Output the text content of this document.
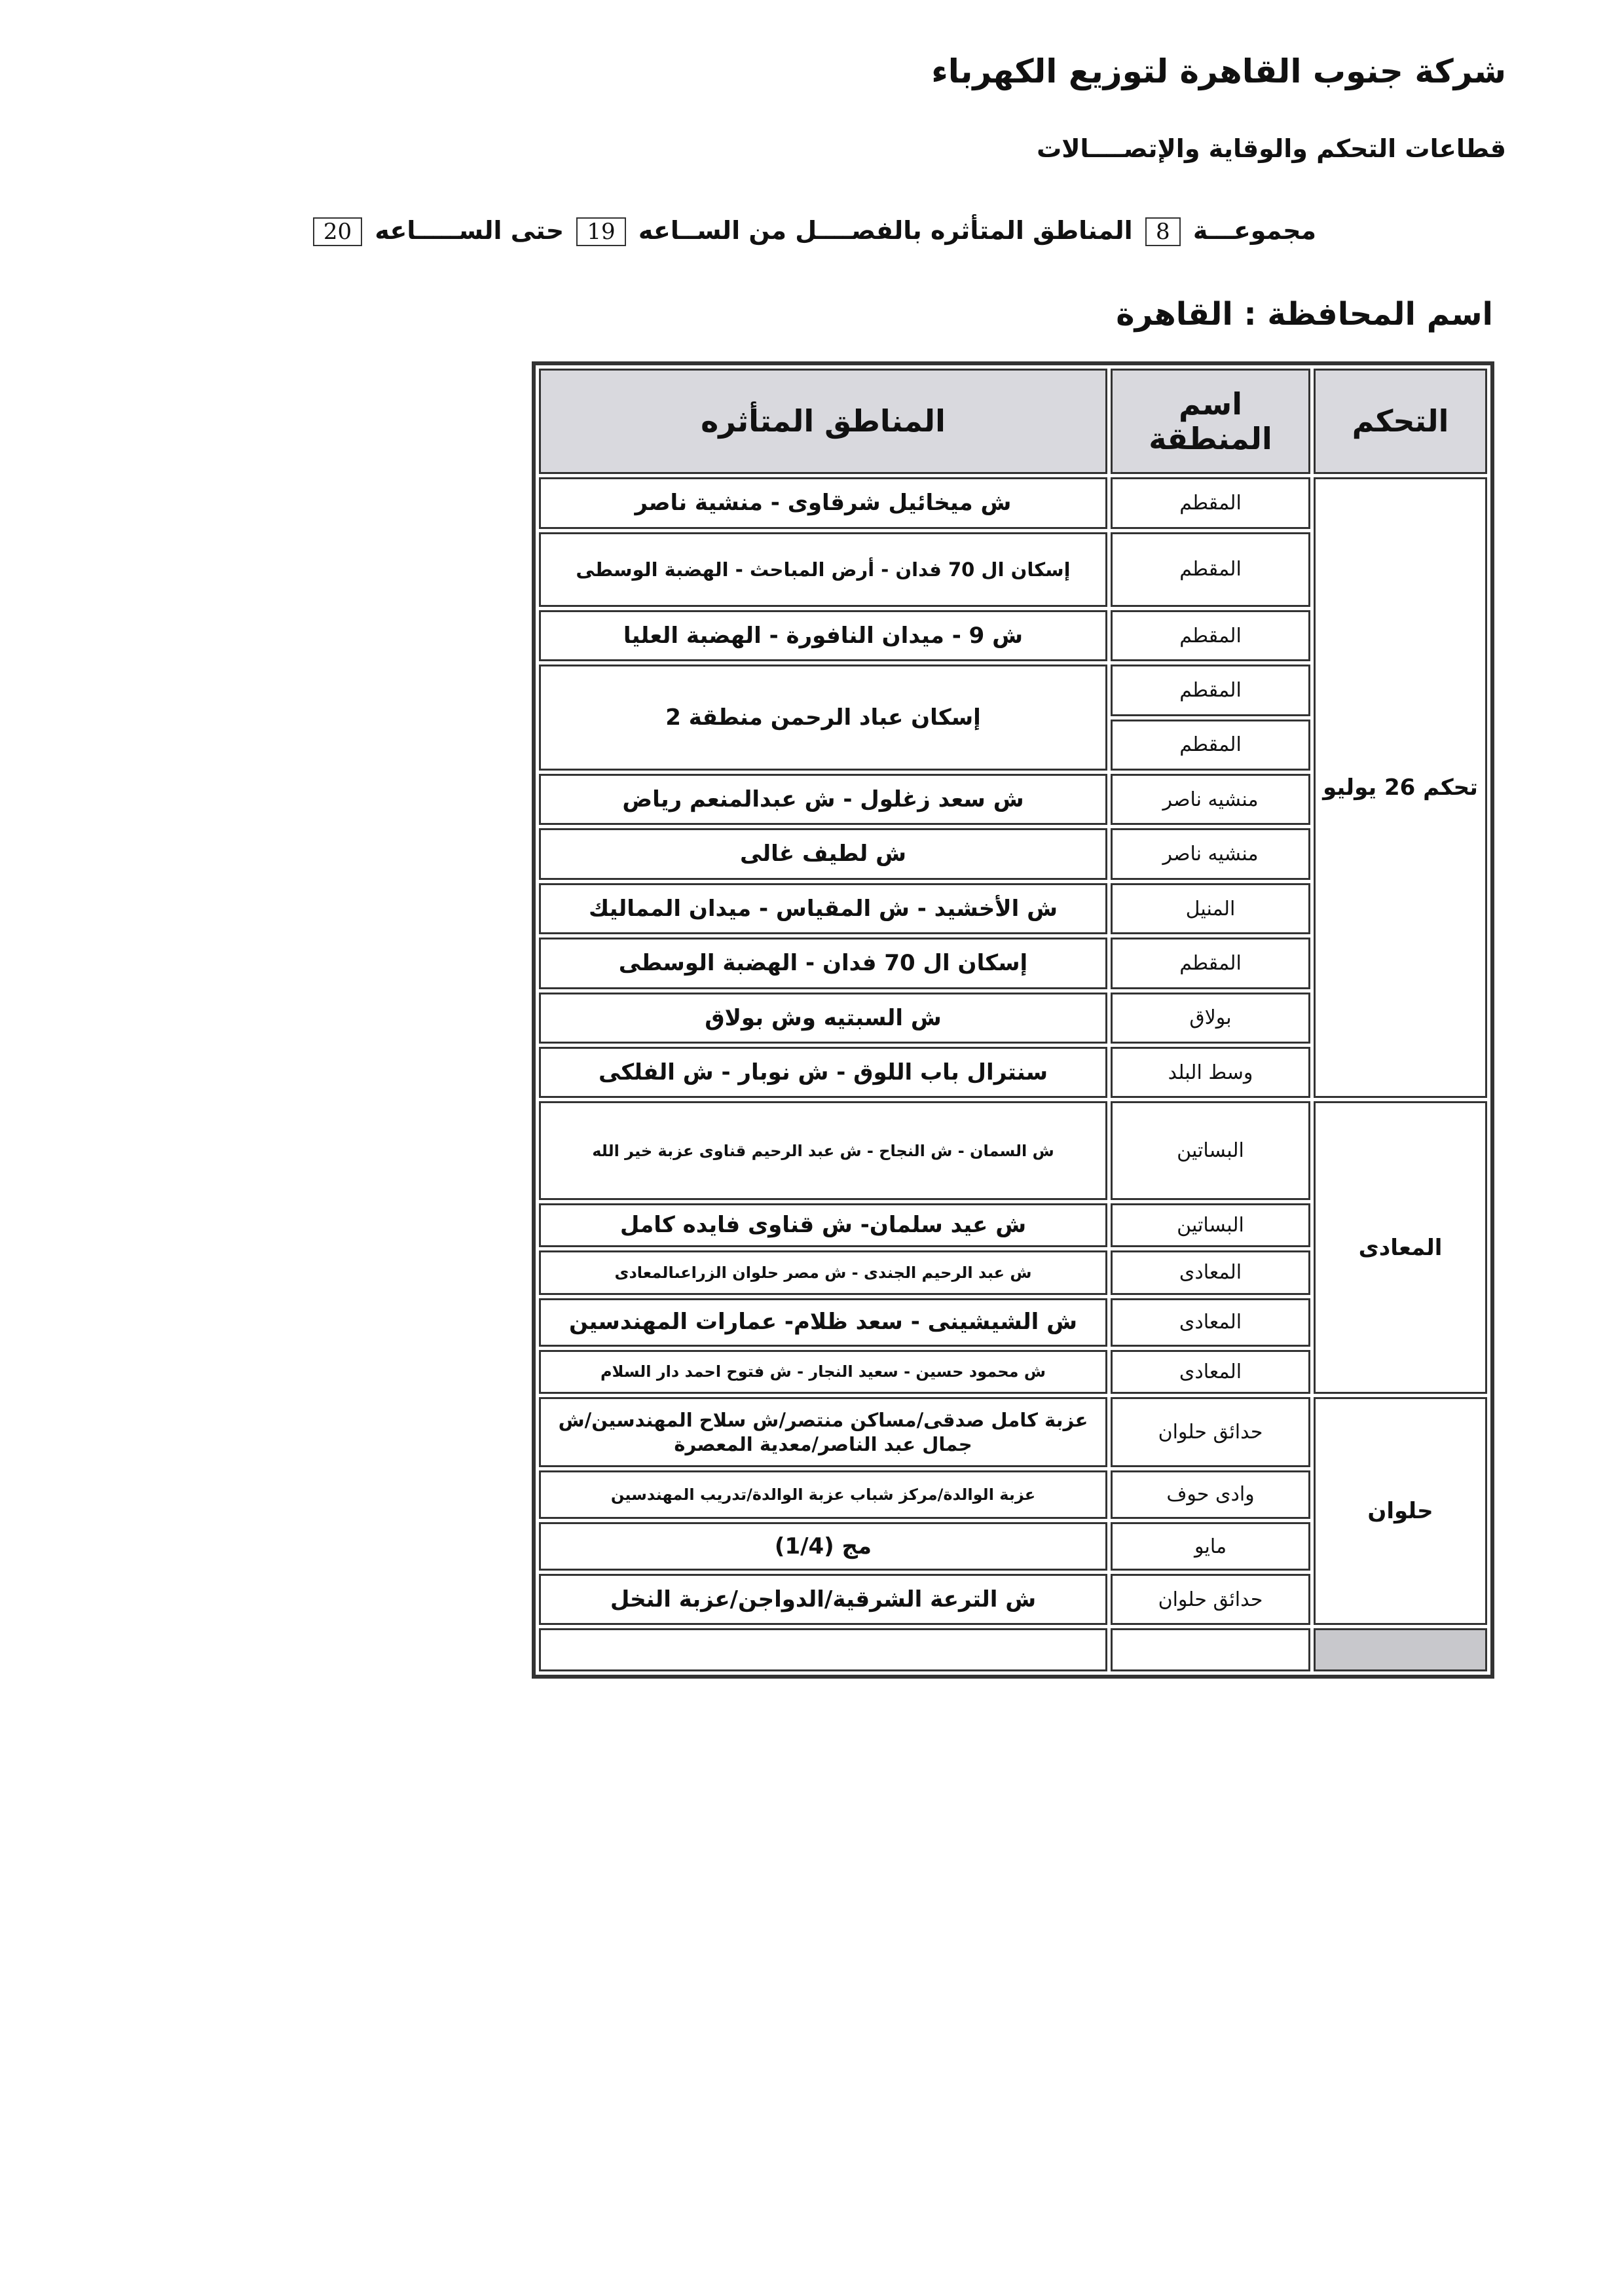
شركة جنوب القاهرة لتوزيع الكهرباء
قطاعات التحكم والوقاية والإتصــــالات
مجموعـــة 8 المناطق المتأثره بالفصــــل من الســاعه 19 حتى الســـــاعه 20
اسم المحافظة : القاهرة
التحكم	اسم المنطقة	المناطق المتأثره
تحكم 26 يوليو	المقطم	ش ميخائيل شرقاوى - منشية ناصر
	المقطم	إسكان ال 70 فدان - أرض المباحث - الهضبة الوسطى
	المقطم	ش 9 - ميدان النافورة - الهضبة العليا
	المقطم	إسكان عباد الرحمن منطقة 2
	المقطم	
	منشيه ناصر	ش سعد زغلول - ش عبدالمنعم رياض
	منشيه ناصر	ش لطيف غالى
	المنيل	ش الأخشيد - ش المقياس - ميدان المماليك
	المقطم	إسكان ال 70 فدان - الهضبة الوسطى
	بولاق	ش السبتيه وش بولاق
	وسط البلد	سنترال باب اللوق - ش نوبار - ش الفلكى
المعادى	البساتين	ش السمان - ش النجاح - ش عبد الرحيم قناوى عزبة خير الله
	البساتين	ش عيد سلمان- ش قناوى فايده كامل
	المعادى	ش عبد الرحيم الجندى - ش مصر حلوان الزراعىالمعادى
	المعادى	ش الشيشينى - سعد ظلام- عمارات المهندسين
	المعادى	ش محمود حسين - سعيد النجار - ش فتوح احمد دار السلام
حلوان	حدائق حلوان	عزبة كامل صدقى/مساكن منتصر/ش سلاح المهندسين/ش جمال عبد الناصر/معدية المعصرة
	وادى حوف	عزبة الوالدة/مركز شباب عزبة الوالدة/تدريب المهندسين
	مايو	مج (1/4)
	حدائق حلوان	ش الترعة الشرقية/الدواجن/عزبة النخل
